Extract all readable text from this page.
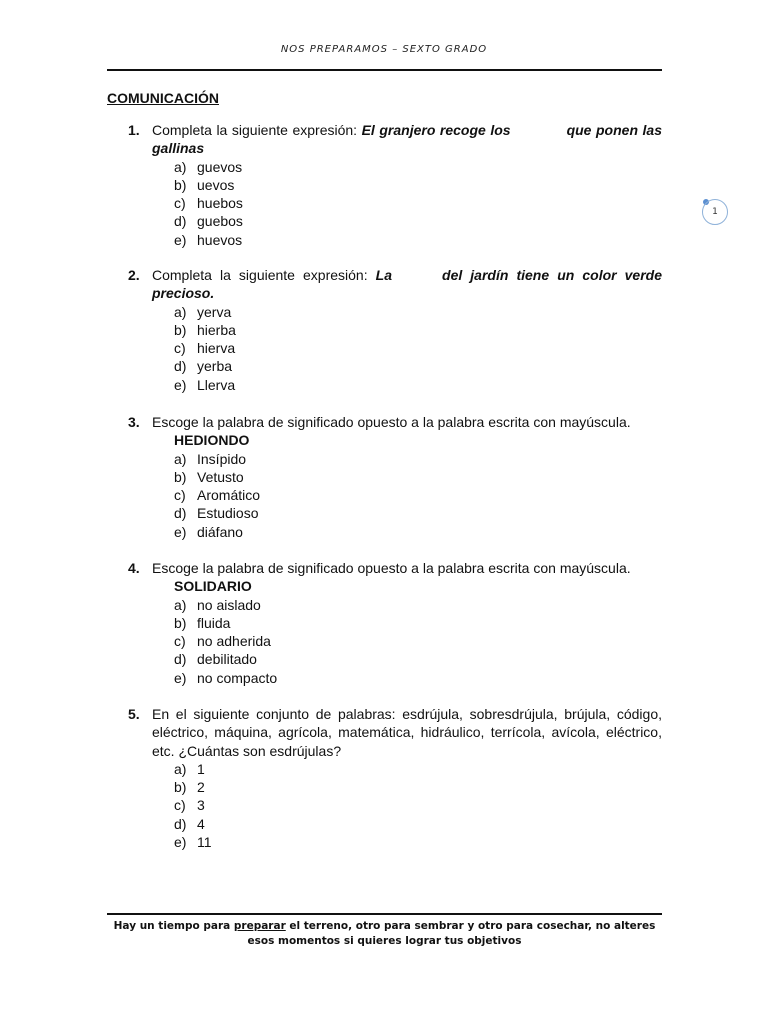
NOS PREPARAMOS – SEXTO GRADO
1
COMUNICACIÓN
1. Completa la siguiente expresión: El granjero recoge los	que ponen las gallinas
a) guevos
b) uevos
c) huebos
d) guebos
e) huevos
2. Completa la siguiente expresión: La	del jardín tiene un color verde precioso.
a) yerva
b) hierba
c) hierva
d) yerba
e) Llerva
3. Escoge la palabra de significado opuesto a la palabra escrita con mayúscula.
HEDIONDO
a) Insípido
b) Vetusto
c) Aromático
d) Estudioso
e) diáfano
4. Escoge la palabra de significado opuesto a la palabra escrita con mayúscula.
SOLIDARIO
a) no aislado
b) fluida
c) no adherida
d) debilitado
e) no compacto
5. En el siguiente conjunto de palabras: esdrújula, sobresdrújula, brújula, código, eléctrico, máquina, agrícola, matemática, hidráulico, terrícola, avícola, eléctrico, etc. ¿Cuántas son esdrújulas?
a) 1
b) 2
c) 3
d) 4
e) 11
Hay un tiempo para preparar el terreno, otro para sembrar y otro para cosechar, no alteres esos momentos si quieres lograr tus objetivos
